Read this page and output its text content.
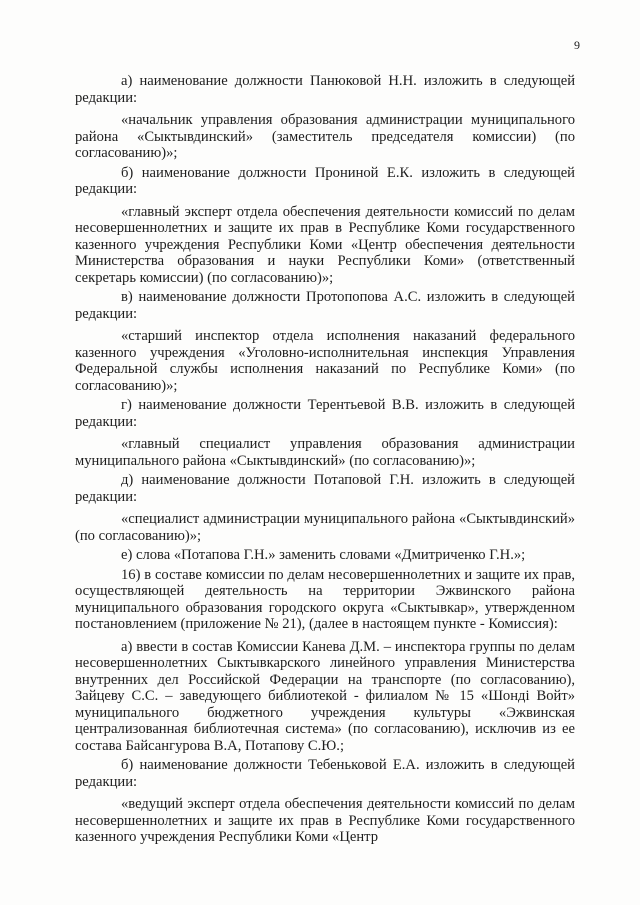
9

а) наименование должности Панюковой Н.Н. изложить в следующей редакции:

«начальник управления образования администрации муниципального района «Сыктывдинский» (заместитель председателя комиссии) (по согласованию)»;

б) наименование должности Прониной Е.К. изложить в следующей редакции:

«главный эксперт отдела обеспечения деятельности комиссий по делам несовершеннолетних и защите их прав в Республике Коми государственного казенного учреждения Республики Коми «Центр обеспечения деятельности Министерства образования и науки Республики Коми» (ответственный секретарь комиссии) (по согласованию)»;

в) наименование должности Протопопова А.С. изложить в следующей редакции:

«старший инспектор отдела исполнения наказаний федерального казенного учреждения «Уголовно-исполнительная инспекция Управления Федеральной службы исполнения наказаний по Республике Коми» (по согласованию)»;

г) наименование должности Терентьевой В.В. изложить в следующей редакции:

«главный специалист управления образования администрации муниципального района «Сыктывдинский» (по согласованию)»;

д) наименование должности Потаповой Г.Н. изложить в следующей редакции:

«специалист администрации муниципального района «Сыктывдинский» (по согласованию)»;

е) слова «Потапова Г.Н.» заменить словами «Дмитриченко Г.Н.»;

16) в составе комиссии по делам несовершеннолетних и защите их прав, осуществляющей деятельность на территории Эжвинского района муниципального образования городского округа «Сыктывкар», утвержденном постановлением (приложение № 21), (далее в настоящем пункте - Комиссия):

а) ввести в состав Комиссии Канева Д.М. – инспектора группы по делам несовершеннолетних Сыктывкарского линейного управления Министерства внутренних дел Российской Федерации на транспорте (по согласованию), Зайцеву С.С. – заведующего библиотекой - филиалом № 15 «Шондi Войт» муниципального бюджетного учреждения культуры «Эжвинская централизованная библиотечная система» (по согласованию), исключив из ее состава Байсангурова В.А, Потапову С.Ю.;

б) наименование должности Тебеньковой Е.А. изложить в следующей редакции:

«ведущий эксперт отдела обеспечения деятельности комиссий по делам несовершеннолетних и защите их прав в Республике Коми государственного казенного учреждения Республики Коми «Центр
